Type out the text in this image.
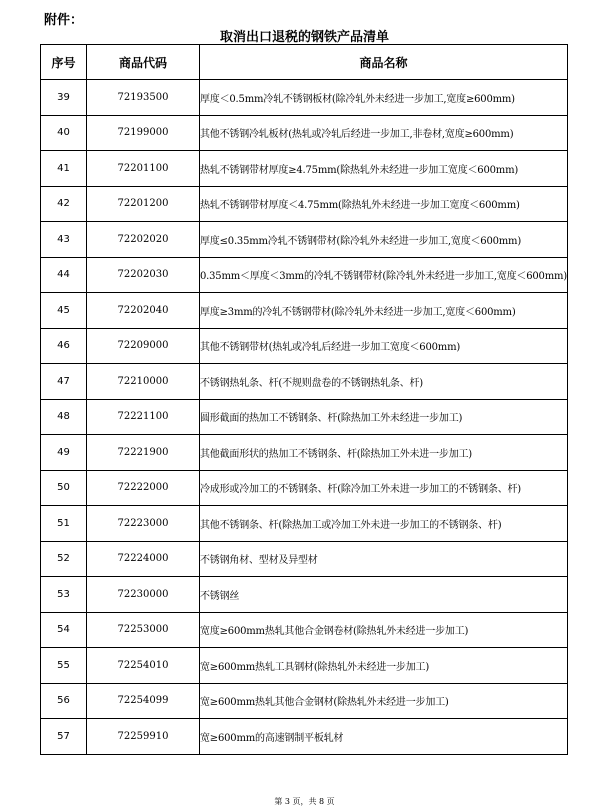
附件：
取消出口退税的钢铁产品清单
序号	商品代码	商品名称
39	72193500	厚度＜0.5mm冷轧不锈钢板材(除冷轧外未经进一步加工,宽度≥600mm)
40	72199000	其他不锈钢冷轧板材(热轧或冷轧后经进一步加工,非卷材,宽度≥600mm)
41	72201100	热轧不锈钢带材厚度≥4.75mm(除热轧外未经进一步加工宽度＜600mm)
42	72201200	热轧不锈钢带材厚度＜4.75mm(除热轧外未经进一步加工宽度＜600mm)
43	72202020	厚度≤0.35mm冷轧不锈钢带材(除冷轧外未经进一步加工,宽度＜600mm)
44	72202030	0.35mm＜厚度＜3mm的冷轧不锈钢带材(除冷轧外未经进一步加工,宽度＜600mm)
45	72202040	厚度≥3mm的冷轧不锈钢带材(除冷轧外未经进一步加工,宽度＜600mm)
46	72209000	其他不锈钢带材(热轧或冷轧后经进一步加工宽度＜600mm)
47	72210000	不锈钢热轧条、杆(不规则盘卷的不锈钢热轧条、杆)
48	72221100	圆形截面的热加工不锈钢条、杆(除热加工外未经进一步加工)
49	72221900	其他截面形状的热加工不锈钢条、杆(除热加工外未进一步加工)
50	72222000	冷成形或冷加工的不锈钢条、杆(除冷加工外未进一步加工的不锈钢条、杆)
51	72223000	其他不锈钢条、杆(除热加工或冷加工外未进一步加工的不锈钢条、杆)
52	72224000	不锈钢角材、型材及异型材
53	72230000	不锈钢丝
54	72253000	宽度≥600mm热轧其他合金钢卷材(除热轧外未经进一步加工)
55	72254010	宽≥600mm热轧工具钢材(除热轧外未经进一步加工)
56	72254099	宽≥600mm热轧其他合金钢材(除热轧外未经进一步加工)
57	72259910	宽≥600mm的高速钢制平板轧材
第 3 页，共 8 页
